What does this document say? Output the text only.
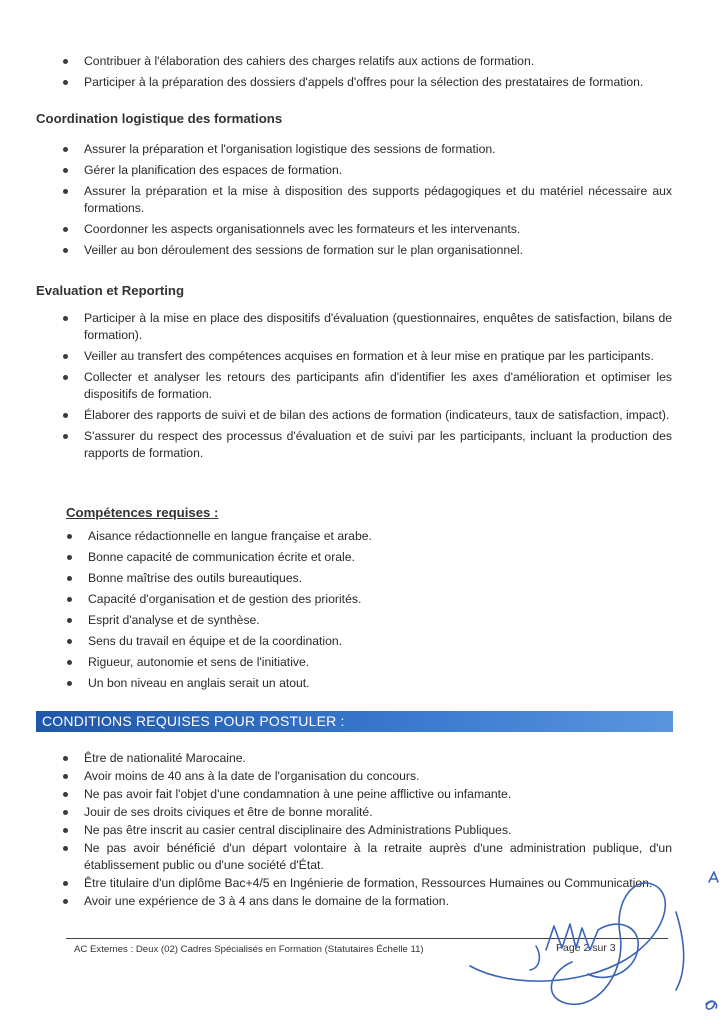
Contribuer à l'élaboration des cahiers des charges relatifs aux actions de formation.
Participer à la préparation des dossiers d'appels d'offres pour la sélection des prestataires de formation.
Coordination logistique des formations
Assurer la préparation et l'organisation logistique des sessions de formation.
Gérer la planification des espaces de formation.
Assurer la préparation et la mise à disposition des supports pédagogiques et du matériel nécessaire aux formations.
Coordonner les aspects organisationnels avec les formateurs et les intervenants.
Veiller au bon déroulement des sessions de formation sur le plan organisationnel.
Evaluation et Reporting
Participer à la mise en place des dispositifs d'évaluation (questionnaires, enquêtes de satisfaction, bilans de formation).
Veiller au transfert des compétences acquises en formation et à leur mise en pratique par les participants.
Collecter et analyser les retours des participants afin d'identifier les axes d'amélioration et optimiser les dispositifs de formation.
Élaborer des rapports de suivi et de bilan des actions de formation (indicateurs, taux de satisfaction, impact).
S'assurer du respect des processus d'évaluation et de suivi par les participants, incluant la production des rapports de formation.
Compétences requises :
Aisance rédactionnelle en langue française et arabe.
Bonne capacité de communication écrite et orale.
Bonne maîtrise des outils bureautiques.
Capacité d'organisation et de gestion des priorités.
Esprit d'analyse et de synthèse.
Sens du travail en équipe et de la coordination.
Rigueur, autonomie et sens de l'initiative.
Un bon niveau en anglais serait un atout.
CONDITIONS REQUISES POUR POSTULER :
Être de nationalité Marocaine.
Avoir moins de 40 ans à la date de l'organisation du concours.
Ne pas avoir fait l'objet d'une condamnation à une peine afflictive ou infamante.
Jouir de ses droits civiques et être de bonne moralité.
Ne pas être inscrit au casier central disciplinaire des Administrations Publiques.
Ne pas avoir bénéficié d'un départ volontaire à la retraite auprès d'une administration publique, d'un établissement public ou d'une société d'État.
Être titulaire d'un diplôme Bac+4/5 en Ingénierie de formation, Ressources Humaines ou Communication.
Avoir une expérience de 3 à 4 ans dans le domaine de la formation.
AC Externes : Deux (02) Cadres Spécialisés en Formation (Statutaires Échelle 11)	Page 2 sur 3
